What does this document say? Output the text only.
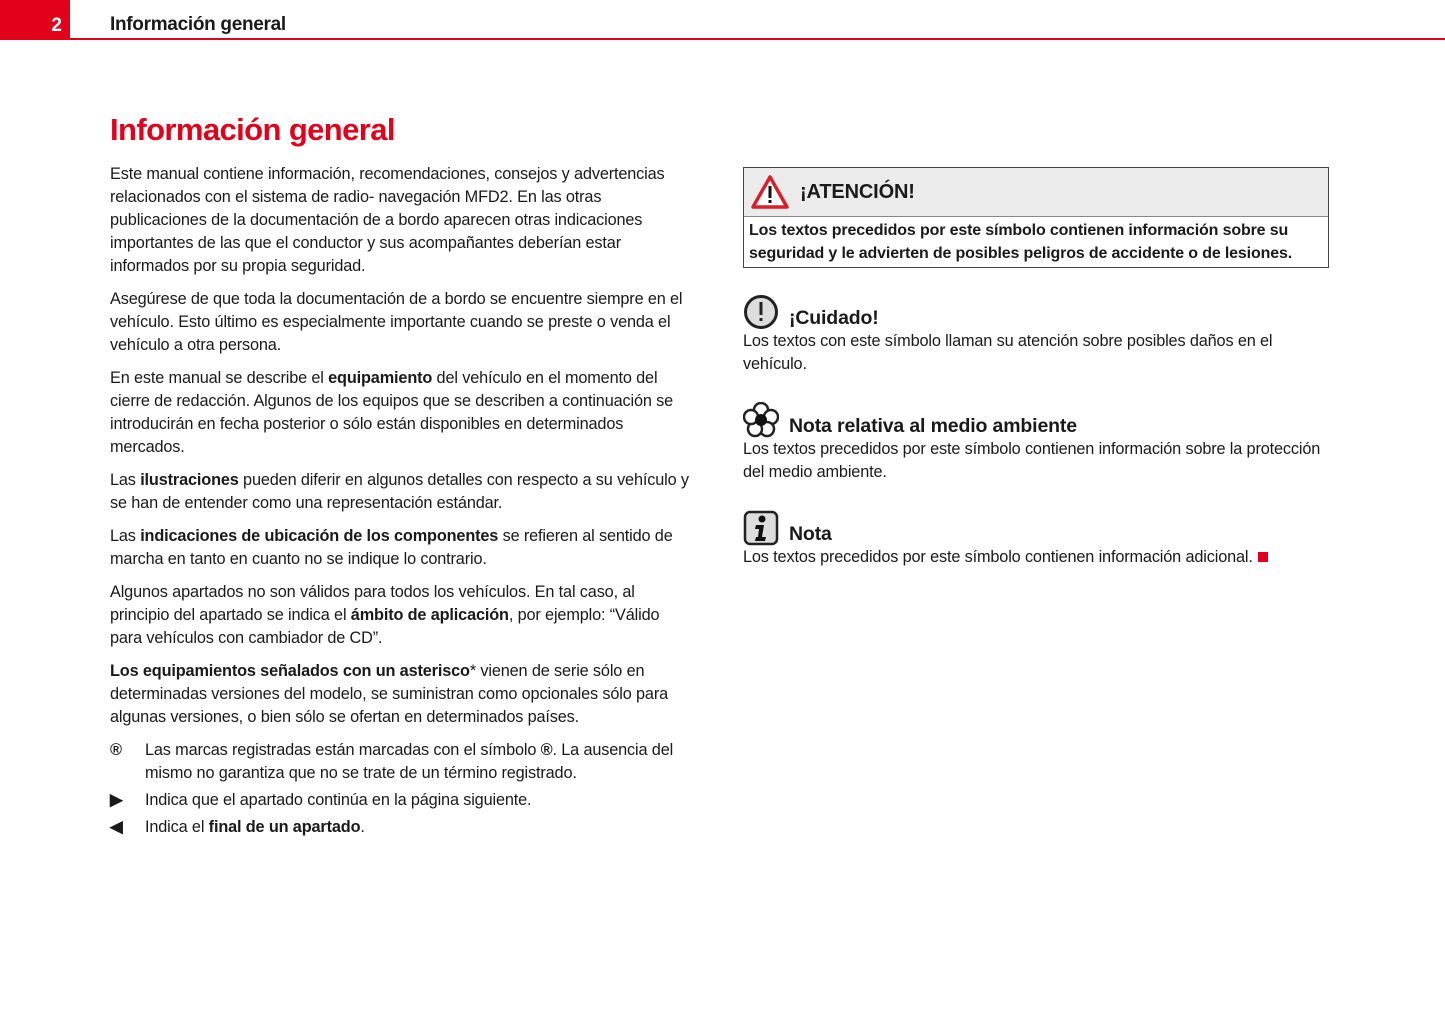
2	Información general
Información general

Este manual contiene información, recomendaciones, consejos y advertencias relacionados con el sistema de radio- navegación MFD2. En las otras publicaciones de la documentación de a bordo aparecen otras indicaciones importantes de las que el conductor y sus acompañantes deberían estar informados por su propia seguridad.

Asegúrese de que toda la documentación de a bordo se encuentre siempre en el vehículo. Esto último es especialmente importante cuando se preste o venda el vehículo a otra persona.

En este manual se describe el equipamiento del vehículo en el momento del cierre de redacción. Algunos de los equipos que se describen a continuación se introducirán en fecha posterior o sólo están disponibles en determinados mercados.

Las ilustraciones pueden diferir en algunos detalles con respecto a su vehículo y se han de entender como una representación estándar.

Las indicaciones de ubicación de los componentes se refieren al sentido de marcha en tanto en cuanto no se indique lo contrario.

Algunos apartados no son válidos para todos los vehículos. En tal caso, al principio del apartado se indica el ámbito de aplicación, por ejemplo: “Válido para vehículos con cambiador de CD”.

Los equipamientos señalados con un asterisco* vienen de serie sólo en determinadas versiones del modelo, se suministran como opcionales sólo para algunas versiones, o bien sólo se ofertan en determinados países.

®	Las marcas registradas están marcadas con el símbolo ®. La ausencia del mismo no garantiza que no se trate de un término registrado.
▶	Indica que el apartado continúa en la página siguiente.
◀	Indica el final de un apartado.
¡ATENCIÓN!
Los textos precedidos por este símbolo contienen información sobre su seguridad y le advierten de posibles peligros de accidente o de lesiones.
¡Cuidado!
Los textos con este símbolo llaman su atención sobre posibles daños en el vehículo.
Nota relativa al medio ambiente
Los textos precedidos por este símbolo contienen información sobre la protección del medio ambiente.
Nota
Los textos precedidos por este símbolo contienen información adicional.
